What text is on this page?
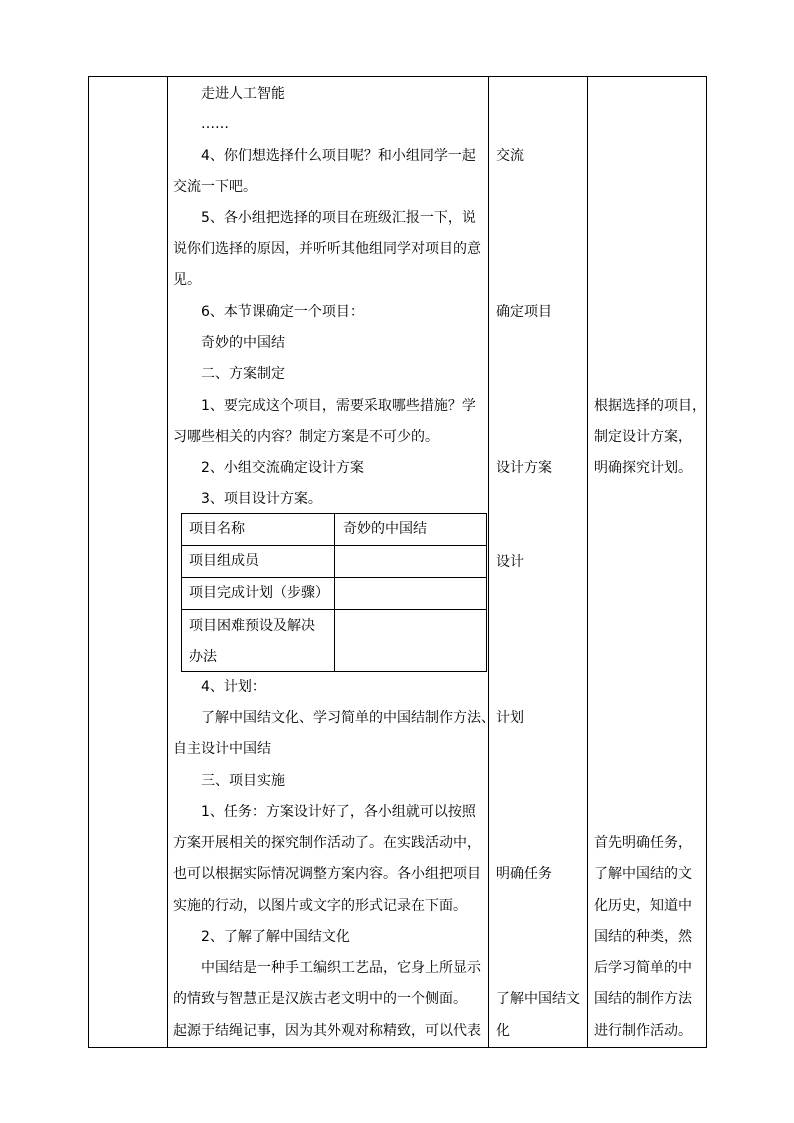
走进人工智能
……
4、你们想选择什么项目呢？和小组同学一起
交流一下吧。
5、各小组把选择的项目在班级汇报一下，说
说你们选择的原因，并听听其他组同学对项目的意
见。
6、本节课确定一个项目：
奇妙的中国结
二、方案制定
1、要完成这个项目，需要采取哪些措施？学
习哪些相关的内容？制定方案是不可少的。
2、小组交流确定设计方案
3、项目设计方案。
项目名称	奇妙的中国结
项目组成员
项目完成计划（步骤）
项目困难预设及解决
办法
4、计划：
了解中国结文化、学习简单的中国结制作方法、
自主设计中国结
三、项目实施
1、任务：方案设计好了，各小组就可以按照
方案开展相关的探究制作活动了。在实践活动中，
也可以根据实际情况调整方案内容。各小组把项目
实施的行动，以图片或文字的形式记录在下面。
2、了解了解中国结文化
中国结是一种手工编织工艺品，它身上所显示
的情致与智慧正是汉族古老文明中的一个侧面。
起源于结绳记事，因为其外观对称精致，可以代表
交流
确定项目
设计方案
设计
计划
明确任务
了解中国结文
化
根据选择的项目，
制定设计方案，
明确探究计划。
首先明确任务，
了解中国结的文
化历史，知道中
国结的种类，然
后学习简单的中
国结的制作方法
进行制作活动。
